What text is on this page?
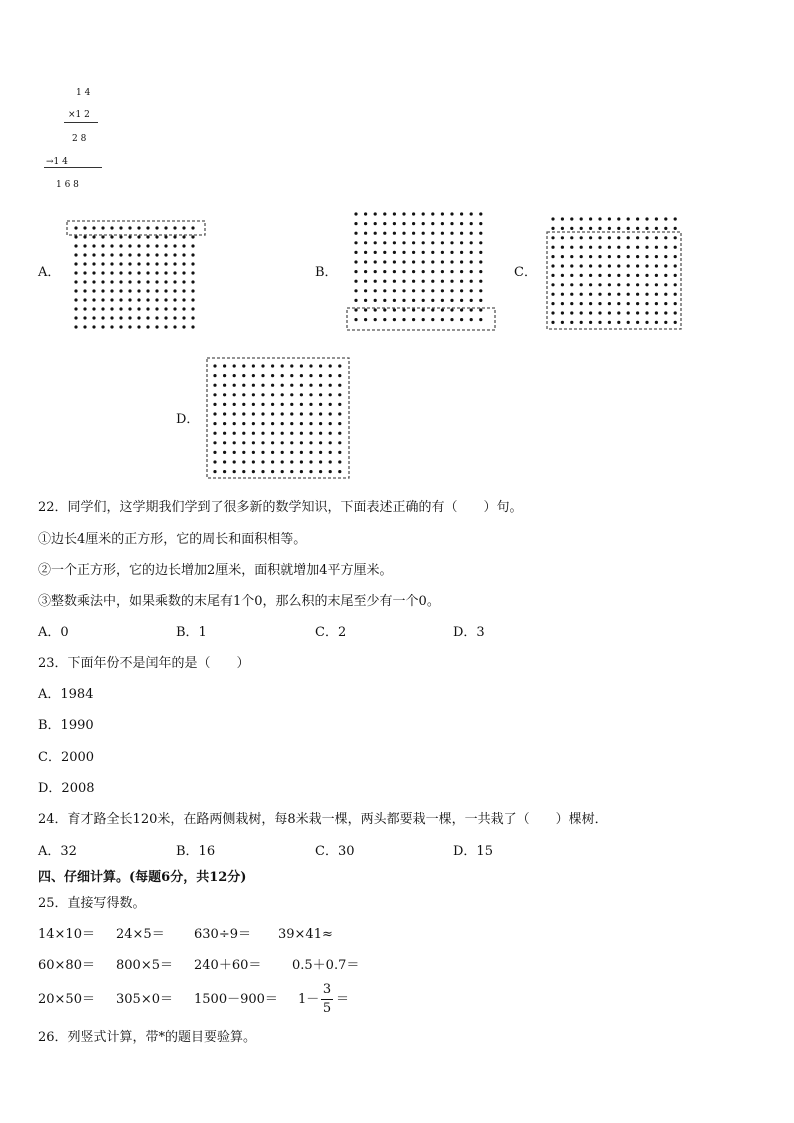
1 4
×1 2
2 8
→1 4
1 6 8
A．	B．	C．
D．
22．同学们，这学期我们学到了很多新的数学知识，下面表述正确的有（　　）句。
①边长4厘米的正方形，它的周长和面积相等。
②一个正方形，它的边长增加2厘米，面积就增加4平方厘米。
③整数乘法中，如果乘数的末尾有1个0，那么积的末尾至少有一个0。
A．0	B．1	C．2	D．3
23．下面年份不是闰年的是（　　）
A．1984
B．1990
C．2000
D．2008
24．育才路全长120米，在路两侧栽树，每8米栽一棵，两头都要栽一棵，一共栽了（　　）棵树．
A．32	B．16	C．30	D．15
四、仔细计算。(每题6分，共12分)
25．直接写得数。
14×10＝ 24×5＝ 630÷9＝ 39×41≈
60×80＝ 800×5＝ 240＋60＝ 0.5＋0.7＝
20×50＝ 305×0＝ 1500－900＝ 1－
3
5
＝
26．列竖式计算，带*的题目要验算。
